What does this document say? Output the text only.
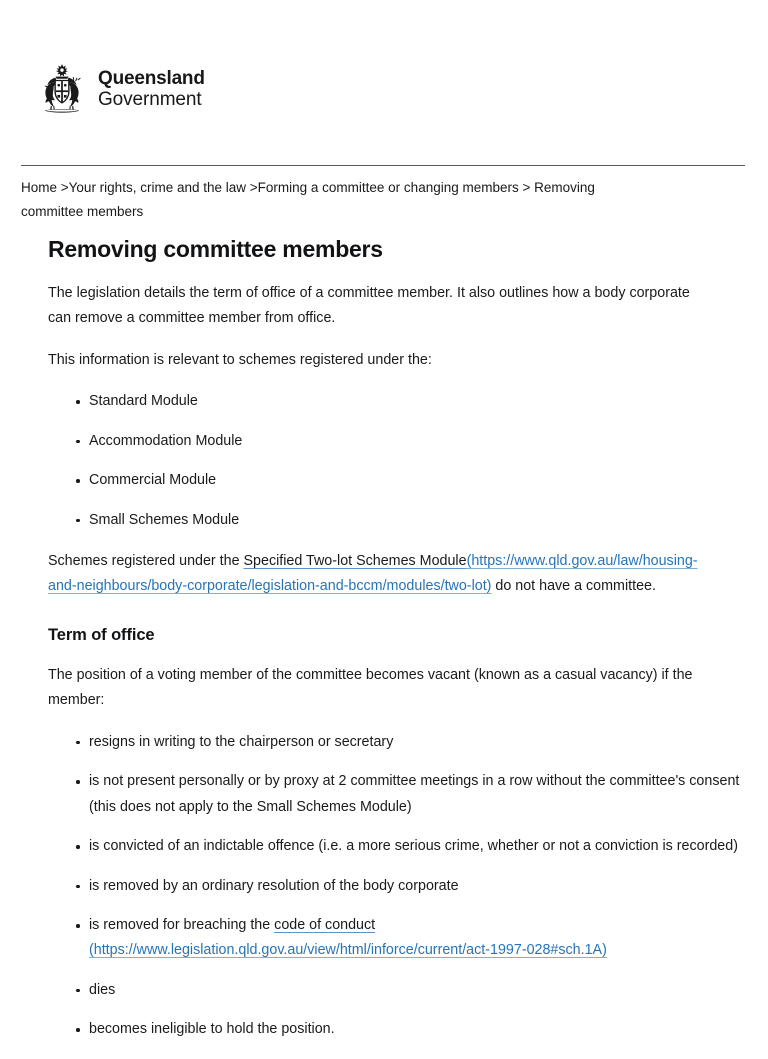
Queensland
Government
Home >Your rights, crime and the law >Forming a committee or changing members > Removing committee members
Removing committee members

The legislation details the term of office of a committee member. It also outlines how a body corporate can remove a committee member from office.

This information is relevant to schemes registered under the:

Standard Module
Accommodation Module
Commercial Module
Small Schemes Module

Schemes registered under the Specified Two-lot Schemes Module(https://www.qld.gov.au/law/housing-and-neighbours/body-corporate/legislation-and-bccm/modules/two-lot) do not have a committee.

Term of office

The position of a voting member of the committee becomes vacant (known as a casual vacancy) if the member:

resigns in writing to the chairperson or secretary
is not present personally or by proxy at 2 committee meetings in a row without the committee's consent (this does not apply to the Small Schemes Module)
is convicted of an indictable offence (i.e. a more serious crime, whether or not a conviction is recorded)
is removed by an ordinary resolution of the body corporate
is removed for breaching the code of conduct
(https://www.legislation.qld.gov.au/view/html/inforce/current/act-1997-028#sch.1A)
dies
becomes ineligible to hold the position.
